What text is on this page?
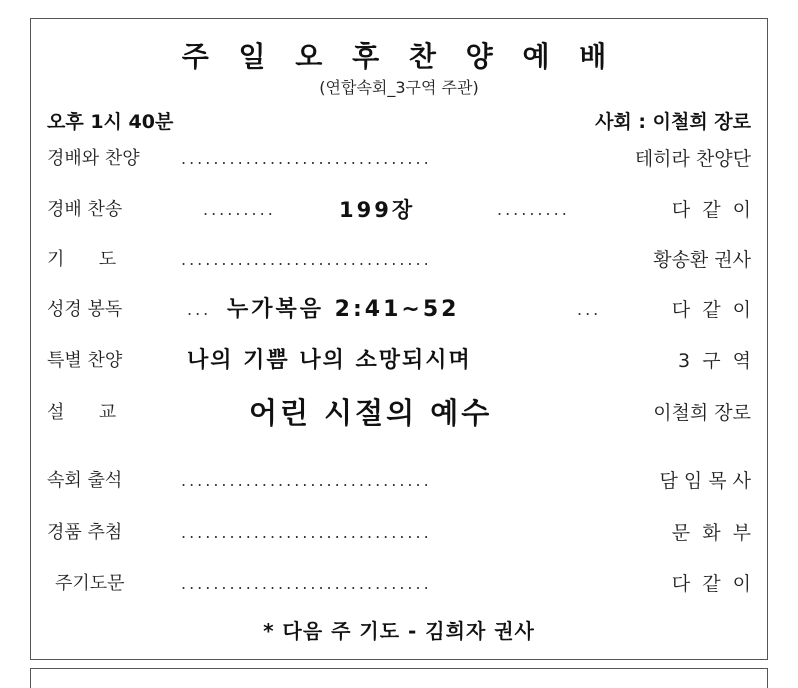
주 일 오 후 찬 양 예 배
(연합속회_3구역 주관)
오후 1시 40분	사회 : 이철희 장로
경배와 찬양	...............................	테히라 찬양단
경배 찬송	.........	199장	.........	다  같  이
기      도	...............................	황송환 권사
성경 봉독	... 누가복음 2:41~52	...	다  같  이
특별 찬양	나의 기쁨 나의 소망되시며	3  구  역
설      교	어린 시절의 예수	이철희 장로
속회 출석	...............................	담 임 목 사
경품 추첨	...............................	문  화  부
주기도문	...............................	다  같  이
* 다음 주 기도 - 김희자 권사
